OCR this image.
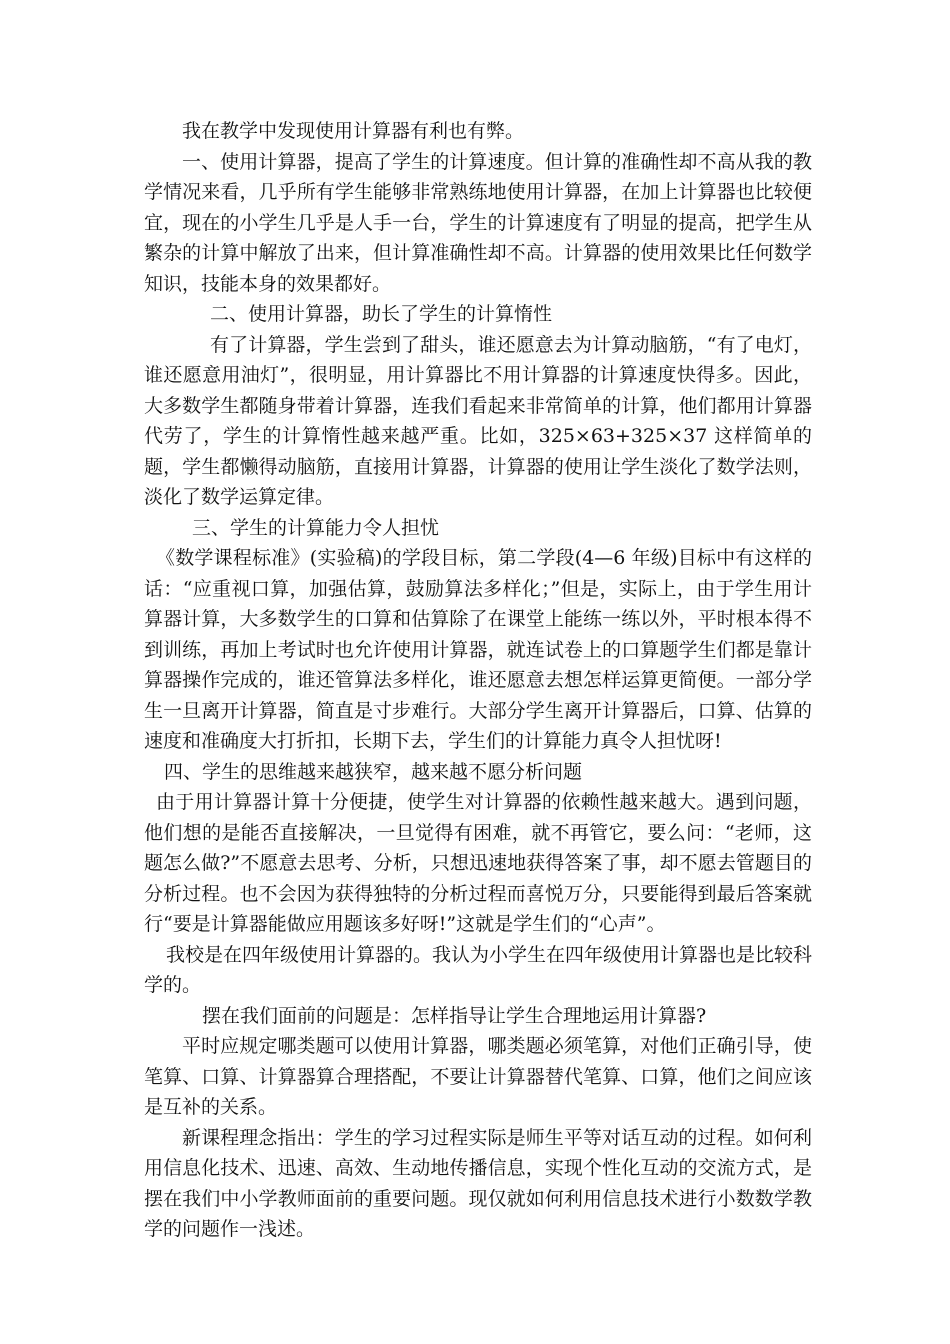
我在教学中发现使用计算器有利也有弊。

一、使用计算器，提高了学生的计算速度。但计算的准确性却不高从我的教学情况来看，几乎所有学生能够非常熟练地使用计算器，在加上计算器也比较便宜，现在的小学生几乎是人手一台，学生的计算速度有了明显的提高，把学生从繁杂的计算中解放了出来，但计算准确性却不高。计算器的使用效果比任何数学知识，技能本身的效果都好。

二、使用计算器，助长了学生的计算惰性

有了计算器，学生尝到了甜头，谁还愿意去为计算动脑筋，“有了电灯，谁还愿意用油灯”，很明显，用计算器比不用计算器的计算速度快得多。因此，大多数学生都随身带着计算器，连我们看起来非常简单的计算，他们都用计算器代劳了，学生的计算惰性越来越严重。比如，325×63+325×37 这样简单的题，学生都懒得动脑筋，直接用计算器，计算器的使用让学生淡化了数学法则，淡化了数学运算定律。

三、学生的计算能力令人担忧

《数学课程标准》(实验稿)的学段目标，第二学段(4—6 年级)目标中有这样的话：“应重视口算，加强估算，鼓励算法多样化；”但是，实际上，由于学生用计算器计算，大多数学生的口算和估算除了在课堂上能练一练以外，平时根本得不到训练，再加上考试时也允许使用计算器，就连试卷上的口算题学生们都是靠计算器操作完成的，谁还管算法多样化，谁还愿意去想怎样运算更简便。一部分学生一旦离开计算器，简直是寸步难行。大部分学生离开计算器后，口算、估算的速度和准确度大打折扣，长期下去，学生们的计算能力真令人担忧呀!

四、学生的思维越来越狭窄，越来越不愿分析问题

由于用计算器计算十分便捷，使学生对计算器的依赖性越来越大。遇到问题，他们想的是能否直接解决，一旦觉得有困难，就不再管它，要么问：“老师，这题怎么做?”不愿意去思考、分析，只想迅速地获得答案了事，却不愿去管题目的分析过程。也不会因为获得独特的分析过程而喜悦万分，只要能得到最后答案就行“要是计算器能做应用题该多好呀!”这就是学生们的“心声”。

我校是在四年级使用计算器的。我认为小学生在四年级使用计算器也是比较科学的。

摆在我们面前的问题是：怎样指导让学生合理地运用计算器?

平时应规定哪类题可以使用计算器，哪类题必须笔算，对他们正确引导，使笔算、口算、计算器算合理搭配，不要让计算器替代笔算、口算，他们之间应该是互补的关系。

新课程理念指出：学生的学习过程实际是师生平等对话互动的过程。如何利用信息化技术、迅速、高效、生动地传播信息，实现个性化互动的交流方式，是摆在我们中小学教师面前的重要问题。现仅就如何利用信息技术进行小数数学教学的问题作一浅述。
